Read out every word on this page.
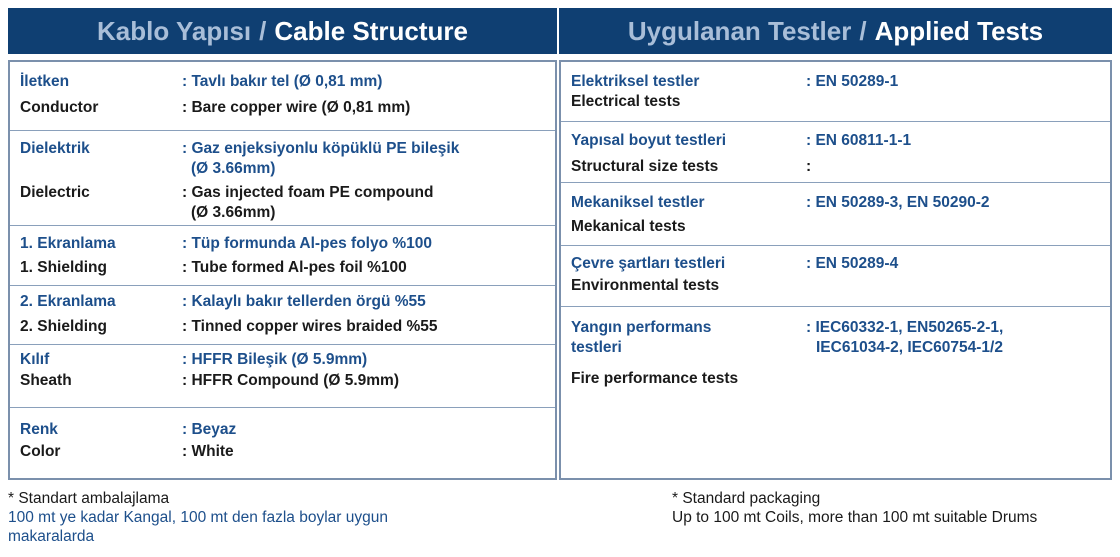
Kablo Yapısı / Cable Structure
İletken	: Tavlı bakır tel (Ø 0,81 mm)
Conductor	: Bare copper wire (Ø 0,81 mm)
Dielektrik	: Gaz enjeksiyonlu köpüklü PE bileşik
(Ø 3.66mm)
Dielectric	: Gas injected foam PE compound
(Ø 3.66mm)
1. Ekranlama	: Tüp formunda Al-pes folyo %100
1. Shielding	: Tube formed Al-pes foil %100
2. Ekranlama	: Kalaylı bakır tellerden örgü %55
2. Shielding	: Tinned copper wires braided %55
Kılıf	: HFFR Bileşik (Ø 5.9mm)
Sheath	: HFFR Compound (Ø 5.9mm)
Renk	: Beyaz
Color	: White
Uygulanan Testler / Applied Tests
Elektriksel testler	: EN 50289-1
Electrical tests
Yapısal boyut testleri	: EN 60811-1-1
Structural size tests	:
Mekaniksel testler	: EN 50289-3, EN 50290-2
Mekanical tests
Çevre şartları testleri	: EN 50289-4
Environmental tests
Yangın performans	: IEC60332-1, EN50265-2-1,
testleri	IEC61034-2, IEC60754-1/2
Fire performance tests
* Standart ambalajlama
100 mt ye kadar Kangal, 100 mt den fazla boylar uygun
makaralarda
* Standard packaging
Up to 100 mt Coils, more than 100 mt suitable Drums
